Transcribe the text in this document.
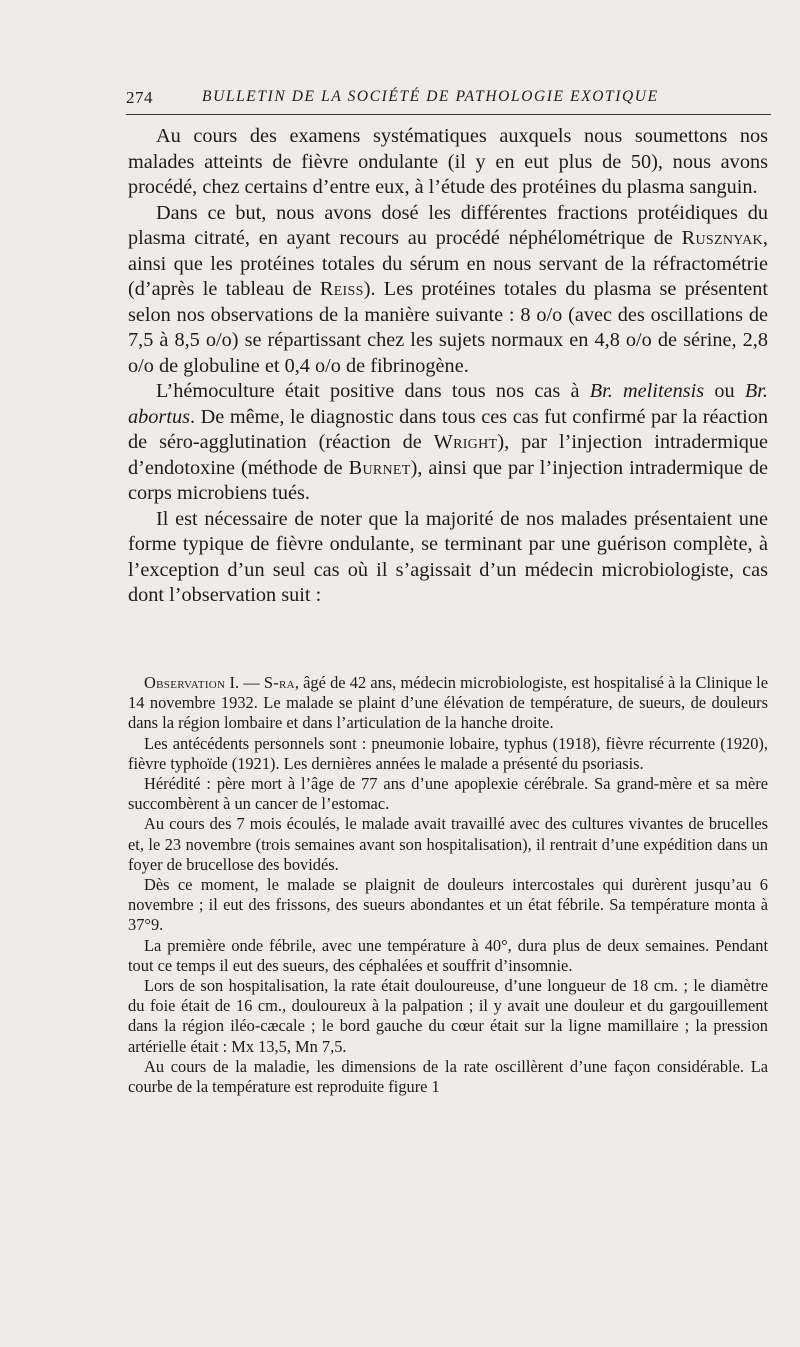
274	BULLETIN DE LA SOCIÉTÉ DE PATHOLOGIE EXOTIQUE

Au cours des examens systématiques auxquels nous soumettons nos malades atteints de fièvre ondulante (il y en eut plus de 50), nous avons procédé, chez certains d’entre eux, à l’étude des protéines du plasma sanguin.

Dans ce but, nous avons dosé les différentes fractions protéidiques du plasma citraté, en ayant recours au procédé néphélométrique de Rusznyak, ainsi que les protéines totales du sérum en nous servant de la réfractométrie (d’après le tableau de Reiss). Les protéines totales du plasma se présentent selon nos observations de la manière suivante : 8 o/o (avec des oscillations de 7,5 à 8,5 o/o) se répartissant chez les sujets normaux en 4,8 o/o de sérine, 2,8 o/o de globuline et 0,4 o/o de fibrinogène.

L’hémoculture était positive dans tous nos cas à Br. melitensis ou Br. abortus. De même, le diagnostic dans tous ces cas fut confirmé par la réaction de séro-agglutination (réaction de Wright), par l’injection intradermique d’endotoxine (méthode de Burnet), ainsi que par l’injection intradermique de corps microbiens tués.

Il est nécessaire de noter que la majorité de nos malades présentaient une forme typique de fièvre ondulante, se terminant par une guérison complète, à l’exception d’un seul cas où il s’agissait d’un médecin microbiologiste, cas dont l’observation suit :

Observation I. — S-ra, âgé de 42 ans, médecin microbiologiste, est hospitalisé à la Clinique le 14 novembre 1932. Le malade se plaint d’une élévation de température, de sueurs, de douleurs dans la région lombaire et dans l’articulation de la hanche droite.

Les antécédents personnels sont : pneumonie lobaire, typhus (1918), fièvre récurrente (1920), fièvre typhoïde (1921). Les dernières années le malade a présenté du psoriasis.

Hérédité : père mort à l’âge de 77 ans d’une apoplexie cérébrale. Sa grand-mère et sa mère succombèrent à un cancer de l’estomac.

Au cours des 7 mois écoulés, le malade avait travaillé avec des cultures vivantes de brucelles et, le 23 novembre (trois semaines avant son hospitalisation), il rentrait d’une expédition dans un foyer de brucellose des bovidés.

Dès ce moment, le malade se plaignit de douleurs intercostales qui durèrent jusqu’au 6 novembre ; il eut des frissons, des sueurs abondantes et un état fébrile. Sa température monta à 37°9.

La première onde fébrile, avec une température à 40°, dura plus de deux semaines. Pendant tout ce temps il eut des sueurs, des céphalées et souffrit d’insomnie.

Lors de son hospitalisation, la rate était douloureuse, d’une longueur de 18 cm. ; le diamètre du foie était de 16 cm., douloureux à la palpation ; il y avait une douleur et du gargouillement dans la région iléo-cæcale ; le bord gauche du cœur était sur la ligne mamillaire ; la pression artérielle était : Mx 13,5, Mn 7,5.

Au cours de la maladie, les dimensions de la rate oscillèrent d’une façon considérable. La courbe de la température est reproduite figure 1
